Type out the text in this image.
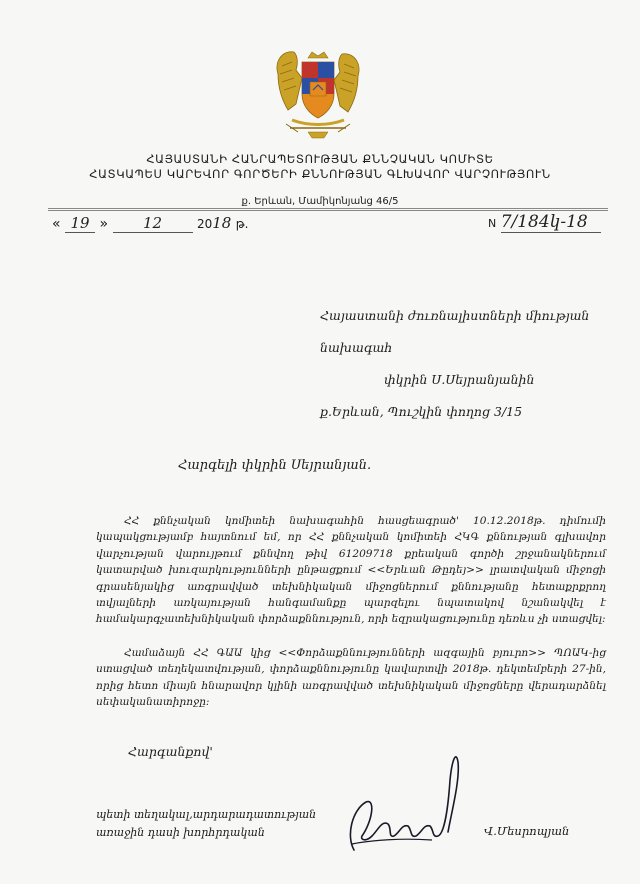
ՀԱՅԱՍՏԱՆԻ ՀԱՆՐԱՊԵՏՈՒԹՅԱՆ ՔՆՆՉԱԿԱՆ ԿՈՄԻՏԵ
ՀԱՏԿԱՊԵՍ ԿԱՐԵՎՈՐ ԳՈՐԾԵՐԻ ՔՆՆՈՒԹՅԱՆ ԳԼԽԱՎՈՐ ՎԱՐՉՈՒԹՅՈՒՆ
ք. Երևան, Մամիկոնյանց 46/5
« 19 » 12	2018 թ.	N 7/184կ-18
Հայաստանի ժուռնալիստների միության
նախագահ
փկրին Ս.Սեյրանյանին
ք.Երևան, Պուշկին փողոց 3/15
Հարգելի փկրին Սեյրանյան.
ՀՀ քննչական կոմիտեի նախագահին հասցեագրած' 10.12.2018թ. դիմումի կապակցությամբ հայտնում եմ, որ ՀՀ քննչական կոմիտեի ՀԿԳ քննության գլխավոր վարչության վարույթում քննվող թիվ 61209718 քրեական գործի շրջանակներում կատարված խուզարկությունների ընթացքում <<Երևան Թըդեյ>> լրատվական միջոցի գրասենյակից առգրավված տեխնիկական միջոցներում քննությանը հետաքրքրող տվյալների առկայության հանգամանքը պարզելու նպատակով նշանակվել է համակարգչատեխնիկական փորձաքննություն, որի եզրակացությունը դեռևս չի ստացվել:
Համաձայն ՀՀ ԳԱԱ կից <<Փորձաքննությունների ազգային բյուրո>> ՊՈԱԿ-ից ստացված տեղեկատվության, փորձաքննությունը կավարտվի 2018թ. դեկտեմբերի 27-ին, որից հետո միայն հնարավոր կլինի առգրավված տեխնիկական միջոցները վերադարձնել սեփականատիրոջը:
Հարգանքով'
պետի տեղակալ,արդարադատության
առաջին դասի խորհրդական	Վ.Մեսրոպյան
